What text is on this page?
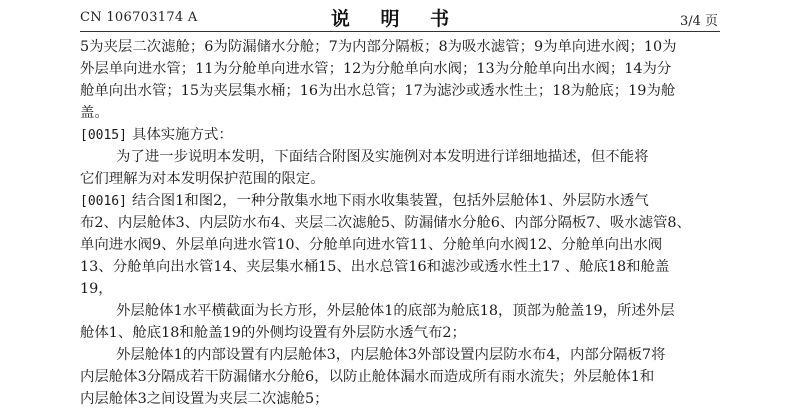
CN 106703174 A	说 明 书	3/4 页
5为夹层二次滤舱；6为防漏储水分舱；7为内部分隔板；8为吸水滤管；9为单向进水阀；10为
外层单向进水管；11为分舱单向进水管；12为分舱单向水阀；13为分舱单向出水阀；14为分
舱单向出水管；15为夹层集水桶；16为出水总管；17为滤沙或透水性土；18为舱底；19为舱
盖。
[0015] 具体实施方式：
为了进一步说明本发明，下面结合附图及实施例对本发明进行详细地描述，但不能将
它们理解为对本发明保护范围的限定。
[0016] 结合图1和图2，一种分散集水地下雨水收集装置，包括外层舱体1、外层防水透气
布2、内层舱体3、内层防水布4、夹层二次滤舱5、防漏储水分舱6、内部分隔板7、吸水滤管8、
单向进水阀9、外层单向进水管10、分舱单向进水管11、分舱单向水阀12、分舱单向出水阀
13、分舱单向出水管14、夹层集水桶15、出水总管16和滤沙或透水性土17 、舱底18和舱盖
19，
外层舱体1水平横截面为长方形，外层舱体1的底部为舱底18，顶部为舱盖19，所述外层
舱体1、舱底18和舱盖19的外侧均设置有外层防水透气布2；
外层舱体1的内部设置有内层舱体3，内层舱体3外部设置内层防水布4，内部分隔板7将
内层舱体3分隔成若干防漏储水分舱6，以防止舱体漏水而造成所有雨水流失；外层舱体1和
内层舱体3之间设置为夹层二次滤舱5；
